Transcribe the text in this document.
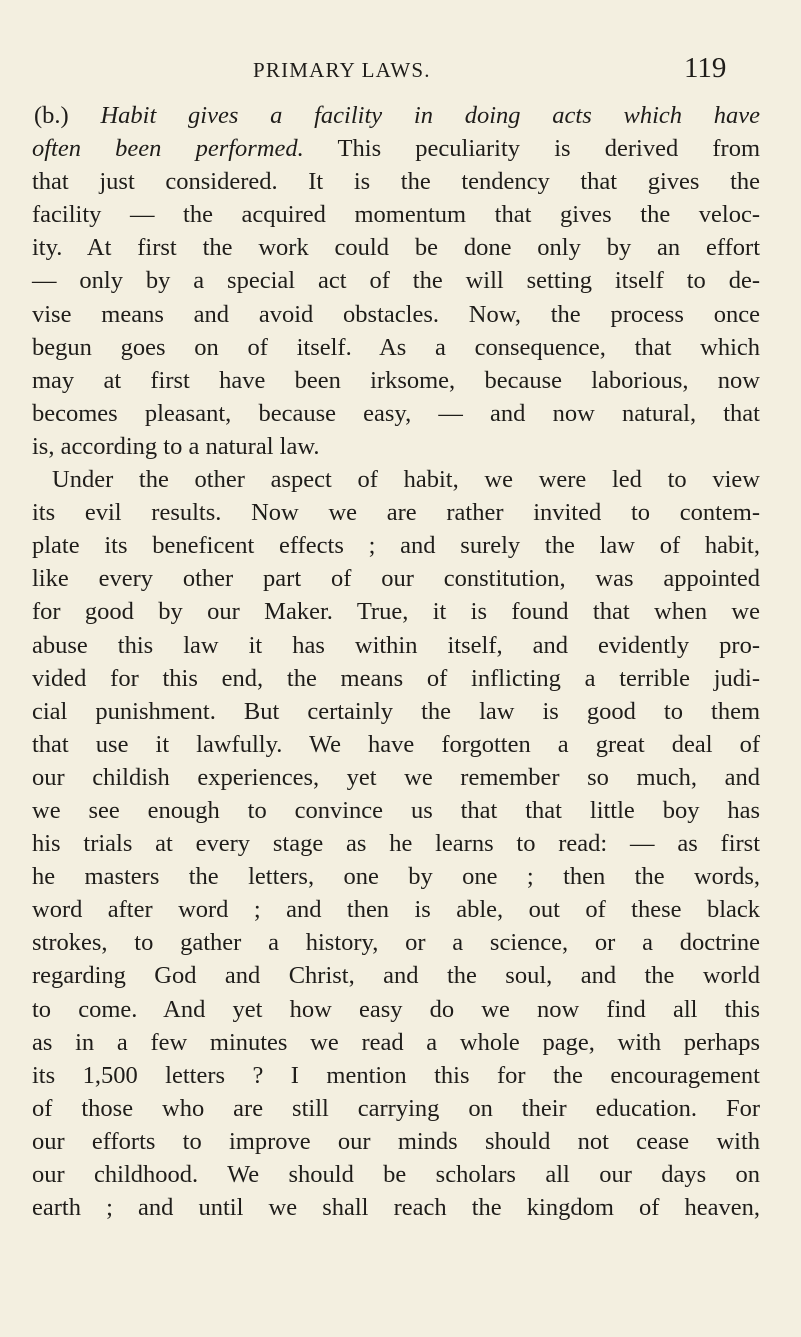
PRIMARY LAWS.	119
(b.) Habit gives a facility in doing acts which have
often been performed. This peculiarity is derived from
that just considered. It is the tendency that gives the
facility — the acquired momentum that gives the veloc-
ity. At first the work could be done only by an effort
— only by a special act of the will setting itself to de-
vise means and avoid obstacles. Now, the process once
begun goes on of itself. As a consequence, that which
may at first have been irksome, because laborious, now
becomes pleasant, because easy, — and now natural, that
is, according to a natural law.
Under the other aspect of habit, we were led to view
its evil results. Now we are rather invited to contem-
plate its beneficent effects ; and surely the law of habit,
like every other part of our constitution, was appointed
for good by our Maker. True, it is found that when we
abuse this law it has within itself, and evidently pro-
vided for this end, the means of inflicting a terrible judi-
cial punishment. But certainly the law is good to them
that use it lawfully. We have forgotten a great deal of
our childish experiences, yet we remember so much, and
we see enough to convince us that that little boy has
his trials at every stage as he learns to read: — as first
he masters the letters, one by one ; then the words,
word after word ; and then is able, out of these black
strokes, to gather a history, or a science, or a doctrine
regarding God and Christ, and the soul, and the world
to come. And yet how easy do we now find all this
as in a few minutes we read a whole page, with perhaps
its 1,500 letters ? I mention this for the encouragement
of those who are still carrying on their education. For
our efforts to improve our minds should not cease with
our childhood. We should be scholars all our days on
earth ; and until we shall reach the kingdom of heaven,
